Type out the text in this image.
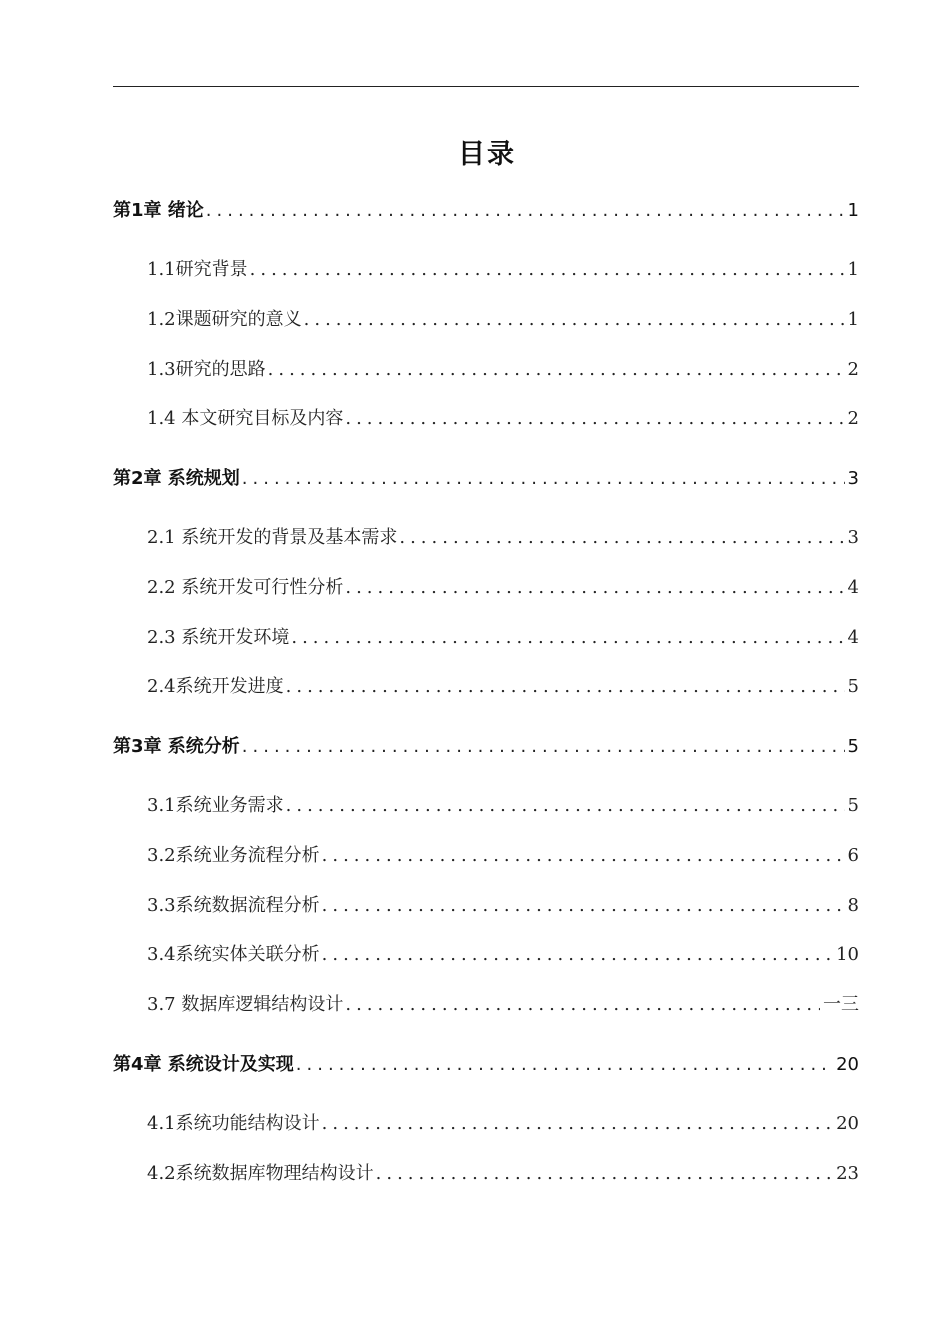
目录
第1章 绪论 .....	1
1.1研究背景 .....	1
1.2课题研究的意义 .....	1
1.3研究的思路 .....	2
1.4 本文研究目标及内容 .....	2
第2章 系统规划 .....	3
2.1 系统开发的背景及基本需求 .....	3
2.2 系统开发可行性分析 .....	4
2.3 系统开发环境 .....	4
2.4系统开发进度 .....	5
第3章 系统分析 .....	5
3.1系统业务需求 .....	5
3.2系统业务流程分析 .....	6
3.3系统数据流程分析 .....	8
3.4系统实体关联分析 .....	10
3.7 数据库逻辑结构设计 .....	一三
第4章 系统设计及实现 .....	20
4.1系统功能结构设计 .....	20
4.2系统数据库物理结构设计 .....	23
